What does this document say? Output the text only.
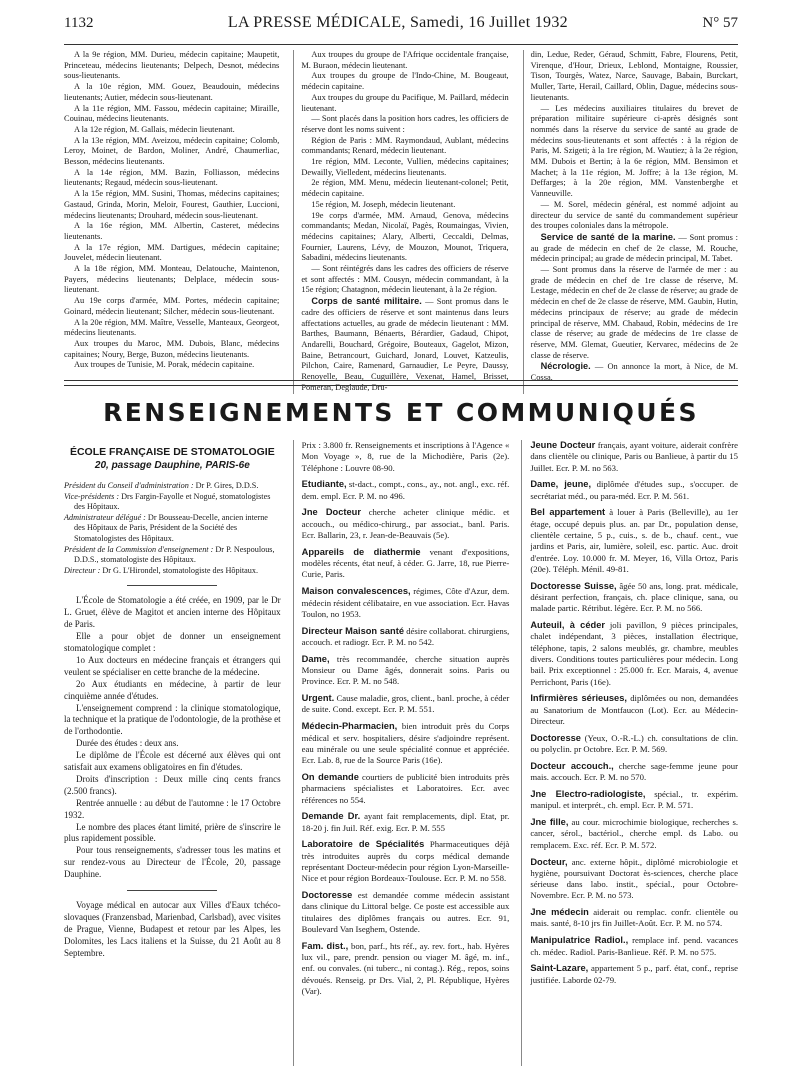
1132	LA PRESSE MÉDICALE, Samedi, 16 Juillet 1932	N° 57

A la 9e région, MM. Durieu, médecin capitaine; Maupetit, Princeteau, médecins lieutenants; Delpech, Desnot, médecins sous-lieutenants.

A la 10e région, MM. Gouez, Beaudouin, médecins lieutenants; Autier, médecin sous-lieutenant.

A la 11e région, MM. Fassou, médecin capitaine; Miraille, Couinau, médecins lieutenants.

A la 12e région, M. Gallais, médecin lieutenant.

A la 13e région, MM. Aveizou, médecin capitaine; Colomb, Leroy, Moinet, de Bardon, Moliner, André, Chaumerliac, Besson, médecins lieutenants.

A la 14e région, MM. Bazin, Folliasson, médecins lieutenants; Regaud, médecin sous-lieutenant.

A la 15e région, MM. Susini, Thomas, médecins capitaines; Gastaud, Grinda, Morin, Meloir, Fourest, Gauthier, Luccioni, médecins lieutenants; Drouhard, médecin sous-lieutenant.

A la 16e région, MM. Albertin, Casteret, médecins lieutenants.

A la 17e région, MM. Dartigues, médecin capitaine; Jouvelet, médecin lieutenant.

A la 18e région, MM. Monteau, Delatouche, Maintenon, Payers, médecins lieutenants; Delplace, médecin sous-lieutenant.

Au 19e corps d'armée, MM. Portes, médecin capitaine; Goinard, médecin lieutenant; Silcher, médecin sous-lieutenant.

A la 20e région, MM. Maître, Vesselle, Manteaux, Georgeot, médecins lieutenants.

Aux troupes du Maroc, MM. Dubois, Blanc, médecins capitaines; Noury, Berge, Buzon, médecins lieutenants.

Aux troupes de Tunisie, M. Porak, médecin capitaine.

Aux troupes du groupe de l'Afrique occidentale française, M. Buraon, médecin lieutenant.

Aux troupes du groupe de l'Indo-Chine, M. Bougeaut, médecin capitaine.

Aux troupes du groupe du Pacifique, M. Paillard, médecin lieutenant.

— Sont placés dans la position hors cadres, les officiers de réserve dont les noms suivent :

Région de Paris : MM. Raymondaud, Aublant, médecins commandants; Renard, médecin lieutenant.

1re région, MM. Leconte, Vullien, médecins capitaines; Dewailly, Vielledent, médecins lieutenants.

2e région, MM. Menu, médecin lieutenant-colonel; Petit, médecin capitaine.

15e région, M. Joseph, médecin lieutenant.

19e corps d'armée, MM. Arnaud, Genova, médecins commandants; Medan, Nicolaï, Pagès, Roumaingas, Vivien, médecins capitaines; Alary, Alberti, Ceccaldi, Delmas, Fournier, Laurens, Lévy, de Mouzon, Mounot, Triquera, Sabadini, médecins lieutenants.

— Sont réintégrés dans les cadres des officiers de réserve et sont affectés : MM. Cousyn, médecin commandant, à la 15e région; Chatagnon, médecin lieutenant, à la 2e région.

Corps de santé militaire. — Sont promus dans le cadre des officiers de réserve et sont maintenus dans leurs affectations actuelles, au grade de médecin lieutenant : MM. Barthes, Baumann, Bénaerts, Bérardier, Gadaud, Chipot, Andarelli, Bouchard, Grégoire, Bouteaux, Gagelot, Mizon, Baine, Betrancourt, Guichard, Jonard, Louvet, Katzeulis, Pilchon, Caire, Ramenard, Garnaudier, Le Peyre, Daussy, Renoyelle, Beau, Cuguillère, Vexenat, Hamel, Brisset, Pomeran, Deglaude, Dru-

din, Ledue, Reder, Géraud, Schmitt, Fabre, Flourens, Petit, Virenque, d'Hour, Drieux, Leblond, Montaigne, Roussier, Tison, Tourgès, Watez, Narce, Sauvage, Babain, Burckart, Muller, Tarte, Herail, Caillard, Oblin, Dague, médecins sous-lieutenants.

— Les médecins auxiliaires titulaires du brevet de préparation militaire supérieure ci-après désignés sont nommés dans la réserve du service de santé au grade de médecins sous-lieutenants et sont affectés : à la région de Paris, M. Szigeti; à la 1re région, M. Wautiez; à la 2e région, MM. Dubois et Bertin; à la 6e région, MM. Bensimon et Machet; à la 11e région, M. Joffre; à la 13e région, M. Deffarges; à la 20e région, MM. Vanstenberghe et Vanneuville.

— M. Sorel, médecin général, est nommé adjoint au directeur du service de santé du commandement supérieur des troupes coloniales dans la métropole.

Service de santé de la marine. — Sont promus : au grade de médecin en chef de 2e classe, M. Rouche, médecin principal; au grade de médecin principal, M. Tabet.

— Sont promus dans la réserve de l'armée de mer : au grade de médecin en chef de 1re classe de réserve, M. Lestage, médecin en chef de 2e classe de réserve; au grade de médecin en chef de 2e classe de réserve, MM. Gaubin, Hutin, médecins principaux de réserve; au grade de médecin principal de réserve, MM. Chabaud, Robin, médecins de 1re classe de réserve; au grade de médecins de 1re classe de réserve, MM. Glemat, Gueutier, Kervarec, médecins de 2e classe de réserve.

Nécrologie. — On annonce la mort, à Nice, de M. Cossa.

RENSEIGNEMENTS ET COMMUNIQUÉS
ÉCOLE FRANÇAISE DE STOMATOLOGIE
20, passage Dauphine, PARIS-6e

Président du Conseil d'administration : Dr P. Gires, D.D.S.

Vice-présidents : Drs Fargin-Fayolle et Nogué, stomatologistes des Hôpitaux.

Administrateur délégué : Dr Bousseau-Decelle, ancien interne des Hôpitaux de Paris, Président de la Société des Stomatologistes des Hôpitaux.

Président de la Commission d'enseignement : Dr P. Nespoulous, D.D.S., stomatologiste des Hôpitaux.

Directeur : Dr G. L'Hirondel, stomatologiste des Hôpitaux.

L'École de Stomatologie a été créée, en 1909, par le Dr L. Gruet, élève de Magitot et ancien interne des Hôpitaux de Paris.

Elle a pour objet de donner un enseignement stomatologique complet :

1o Aux docteurs en médecine français et étrangers qui veulent se spécialiser en cette branche de la médecine.

2o Aux étudiants en médecine, à partir de leur cinquième année d'études.

L'enseignement comprend : la clinique stomatologique, la technique et la pratique de l'odontologie, de la prothèse et de l'orthodontie.

Durée des études : deux ans.

Le diplôme de l'École est décerné aux élèves qui ont satisfait aux examens obligatoires en fin d'études.

Droits d'inscription : Deux mille cinq cents francs (2.500 francs).

Rentrée annuelle : au début de l'automne : le 17 Octobre 1932.

Le nombre des places étant limité, prière de s'inscrire le plus rapidement possible.

Pour tous renseignements, s'adresser tous les matins et sur rendez-vous au Directeur de l'École, 20, passage Dauphine.

Voyage médical en autocar aux Villes d'Eaux tchéco-slovaques (Franzensbad, Marienbad, Carlsbad), avec visites de Prague, Vienne, Budapest et retour par les Alpes, les Dolomites, les Lacs italiens et la Suisse, du 21 Août au 8 Septembre.

Prix : 3.800 fr. Renseignements et inscriptions à l'Agence « Mon Voyage », 8, rue de la Michodière, Paris (2e). Téléphone : Louvre 08-90.

Etudiante, st-dact., compt., cons., ay., not. angl., exc. réf. dem. empl. Ecr. P. M. no 496.

Jne Docteur cherche acheter clinique médic. et accouch., ou médico-chirurg., par associat., banl. Paris. Ecr. Ballarin, 23, r. Jean-de-Beauvais (5e).

Appareils de diathermie venant d'expositions, modèles récents, état neuf, à céder. G. Jarre, 18, rue Pierre-Curie, Paris.

Maison convalescences, régimes, Côte d'Azur, dem. médecin résident célibataire, en vue association. Ecr. Havas Toulon, no 1953.

Directeur Maison santé désire collaborat. chirurgiens, accouch. et radiogr. Ecr. P. M. no 542.

Dame, très recommandée, cherche situation auprès Monsieur ou Dame âgés, donnerait soins. Paris ou Province. Ecr. P. M. no 548.

Urgent. Cause maladie, gros, client., banl. proche, à céder de suite. Cond. except. Ecr. P. M. 551.

Médecin-Pharmacien, bien introduit près du Corps médical et serv. hospitaliers, désire s'adjoindre représent. eau minérale ou une seule spécialité connue et appréciée. Ecr. Lab. 8, rue de la Source Paris (16e).

On demande courtiers de publicité bien introduits près pharmaciens spécialistes et Laboratoires. Ecr. avec références no 554.

Demande Dr. ayant fait remplacements, dipl. Etat, pr. 18-20 j. fin Juil. Réf. exig. Ecr. P. M. 555

Laboratoire de Spécialités Pharmaceutiques déjà très introduites auprès du corps médical demande représentant Docteur-médecin pour région Lyon-Marseille-Nice et pour région Bordeaux-Toulouse. Ecr. P. M. no 558.

Doctoresse est demandée comme médecin assistant dans clinique du Littoral belge. Ce poste est accessible aux titulaires des diplômes français ou autres. Ecr. 91, Boulevard Van Iseghem, Ostende.

Fam. dist., bon, parf., hts réf., ay. rev. fort., hab. Hyères lux vil., pare, prendr. pension ou viager M. âgé, m. inf., enf. ou convales. (ni tuberc., ni contag.). Rég., repos, soins dévoués. Renseig. pr Drs. Vial, 2, Pl. République, Hyères (Var).

Jeune Docteur français, ayant voiture, aiderait confrère dans clientèle ou clinique, Paris ou Banlieue, à partir du 15 Juillet. Ecr. P. M. no 563.

Dame, jeune, diplômée d'études sup., s'occuper. de secrétariat méd., ou para-méd. Ecr. P. M. 561.

Bel appartement à louer à Paris (Belleville), au 1er étage, occupé depuis plus. an. par Dr., population dense, clientèle certaine, 5 p., cuis., s. de b., chauf. cent., vue jardins et Paris, air, lumière, soleil, esc. partic. Auc. droit d'entrée. Loy. 10.000 fr. M. Meyer, 16, Villa Ortoz, Paris (20e). Téléph. Ménil. 49-81.

Doctoresse Suisse, âgée 50 ans, long. prat. médicale, désirant perfection, français, ch. place clinique, sana, ou malade partic. Rétribut. légère. Ecr. P. M. no 566.

Auteuil, à céder joli pavillon, 9 pièces principales, chalet indépendant, 3 pièces, installation électrique, téléphone, tapis, 2 salons meublés, gr. chambre, meubles divers. Conditions toutes particulières pour médecin. Long bail. Prix exceptionnel : 25.000 fr. Ecr. Marais, 4, avenue Perrichont, Paris (16e).

Infirmières sérieuses, diplômées ou non, demandées au Sanatorium de Montfaucon (Lot). Ecr. au Médecin-Directeur.

Doctoresse (Yeux, O.-R.-L.) ch. consultations de clin. ou polyclin. pr Octobre. Ecr. P. M. 569.

Docteur accouch., cherche sage-femme jeune pour mais. accouch. Ecr. P. M. no 570.

Jne Electro-radiologiste, spécial., tr. expérim. manipul. et interprét., ch. empl. Ecr. P. M. 571.

Jne fille, au cour. microchimie biologique, recherches s. cancer, sérol., bactériol., cherche empl. ds Labo. ou remplacem. Exc. réf. Ecr. P. M. 572.

Docteur, anc. externe hôpit., diplômé microbiologie et hygiène, poursuivant Doctorat ès-sciences, cherche place sérieuse dans labo. instit., spécial., pour Octobre-Novembre. Ecr. P. M. no 573.

Jne médecin aiderait ou remplac. confr. clientèle ou mais. santé, 8-10 jrs fin Juillet-Août. Ecr. P. M. no 574.

Manipulatrice Radiol., remplace inf. pend. vacances ch. médec. Radiol. Paris-Banlieue. Réf. P. M. no 575.

Saint-Lazare, appartement 5 p., parf. état, conf., reprise justifiée. Laborde 02-79.
